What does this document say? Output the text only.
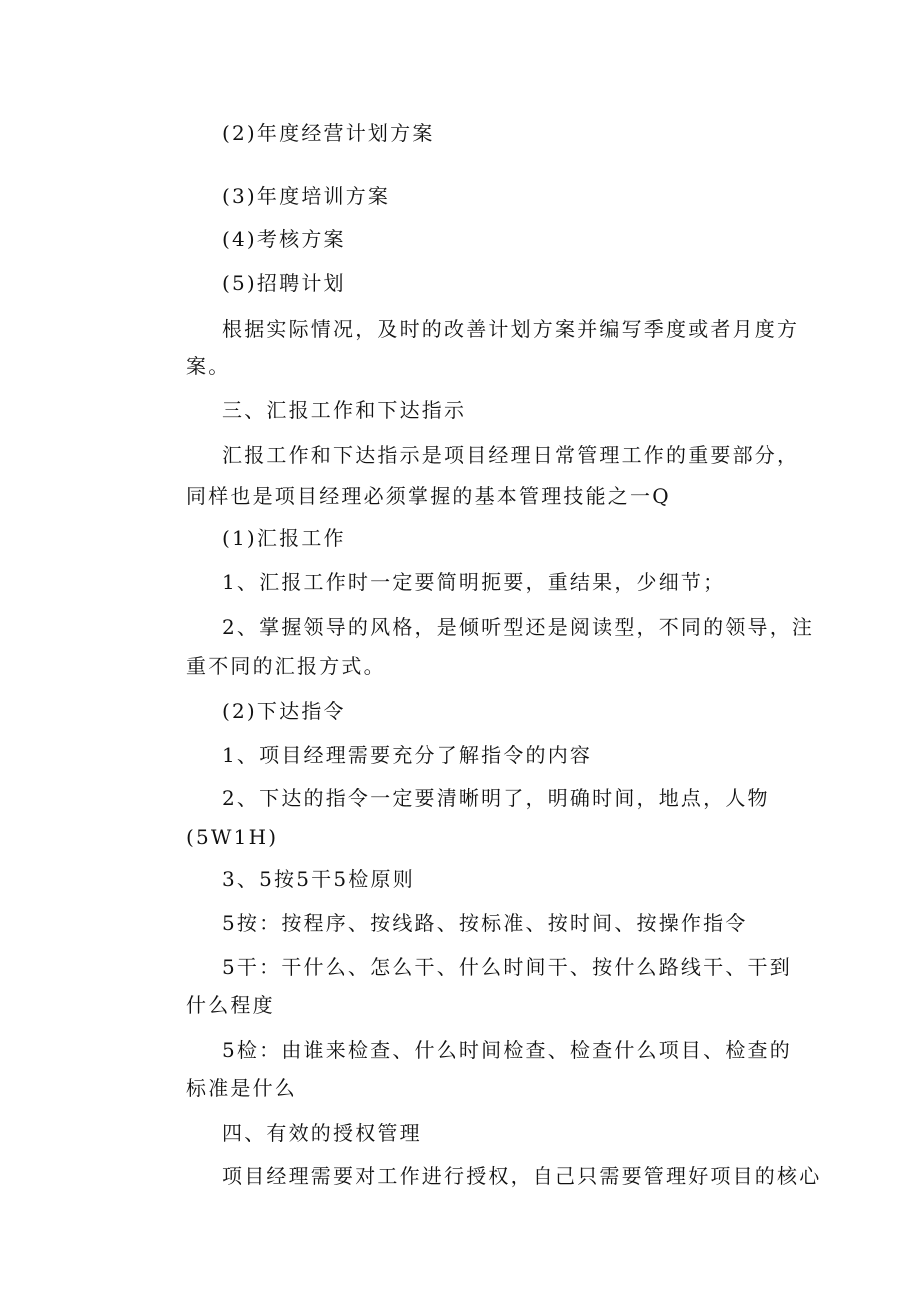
(2)年度经营计划方案
(3)年度培训方案
(4)考核方案
(5)招聘计划
根据实际情况，及时的改善计划方案并编写季度或者月度方
案。
三、汇报工作和下达指示
汇报工作和下达指示是项目经理日常管理工作的重要部分，
同样也是项目经理必须掌握的基本管理技能之一Q
(1)汇报工作
1、汇报工作时一定要简明扼要，重结果，少细节；
2、掌握领导的风格，是倾听型还是阅读型，不同的领导，注
重不同的汇报方式。
(2)下达指令
1、项目经理需要充分了解指令的内容
2、下达的指令一定要清晰明了，明确时间，地点，人物
(5W1H)
3、5按5干5检原则
5按：按程序、按线路、按标准、按时间、按操作指令
5干：干什么、怎么干、什么时间干、按什么路线干、干到
什么程度
5检：由谁来检查、什么时间检查、检查什么项目、检查的
标准是什么
四、有效的授权管理
项目经理需要对工作进行授权，自己只需要管理好项目的核心
